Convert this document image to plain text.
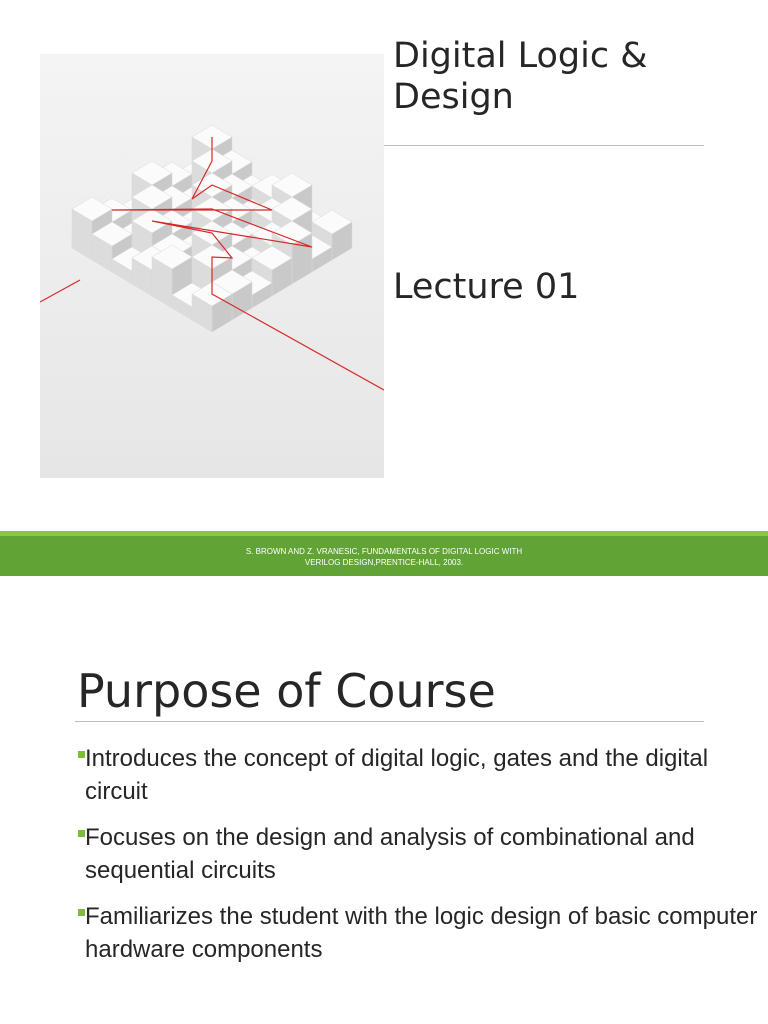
Digital Logic & Design
Lecture 01
S. BROWN AND Z. VRANESIC, FUNDAMENTALS OF DIGITAL LOGIC WITH VERILOG DESIGN,PRENTICE-HALL, 2003.
Purpose of Course
Introduces the concept of digital logic, gates and the digital circuit
Focuses on the design and analysis of combinational and sequential circuits
Familiarizes the student with the logic design of basic computer hardware components
